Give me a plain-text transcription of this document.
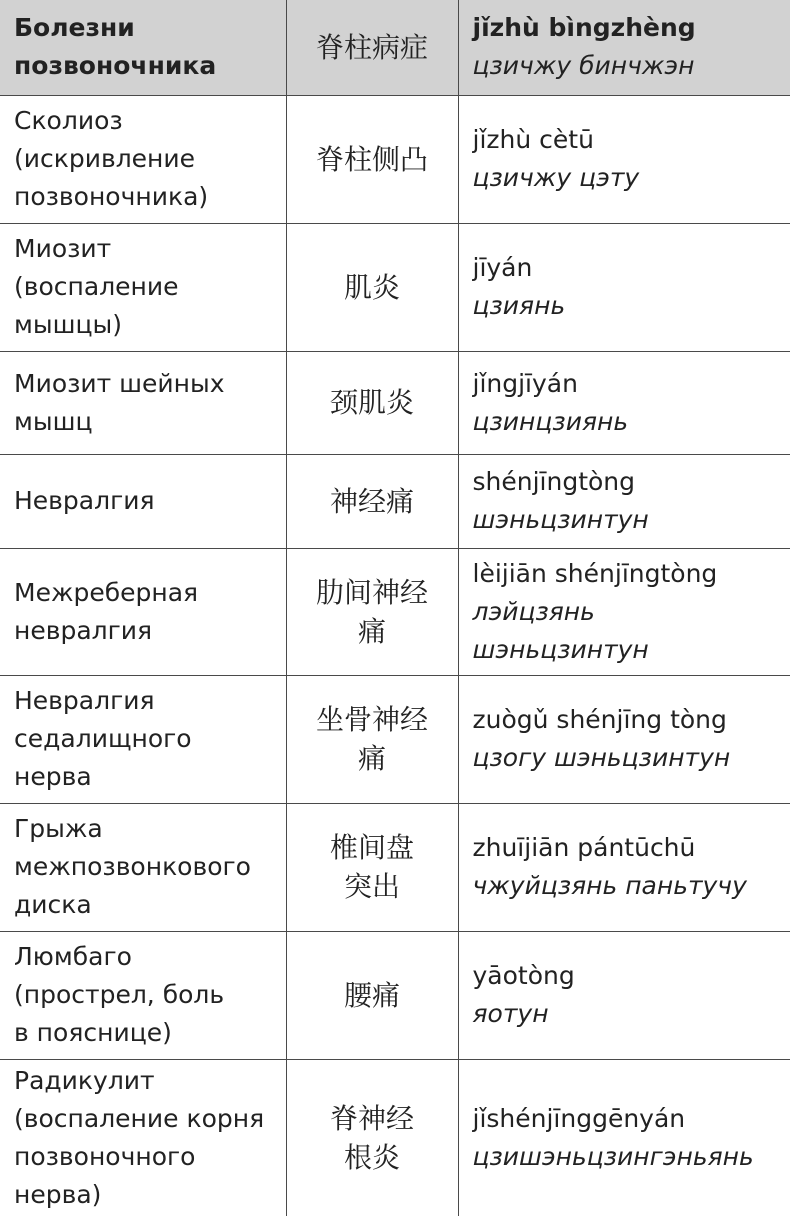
Болезни
позвоночника	脊柱病症	jǐzhù bìngzhèng
цзичжу бинчжэн

Сколиоз
(искривление
позвоночника)	脊柱侧凸	jǐzhù cètū
цзичжу цэту

Миозит
(воспаление
мышцы)	肌炎	jīyán
цзиянь

Миозит шейных
мышц	颈肌炎	jǐngjīyán
цзинцзиянь

Невралгия	神经痛	shénjīngtòng
шэньцзинтун

Межреберная
невралгия	肋间神经
痛	lèijiān shénjīngtòng
лэйцзянь
шэньцзинтун

Невралгия
седалищного
нерва	坐骨神经
痛	zuògǔ shénjīng tòng
цзогу шэньцзинтун

Грыжа
межпозвонкового
диска	椎间盘
突出	zhuījiān pántūchū
чжуйцзянь паньтучу

Люмбаго
(прострел, боль
в пояснице)	腰痛	yāotòng
яотун

Радикулит
(воспаление корня
позвоночного
нерва)	脊神经
根炎	jǐshénjīnggēnyán
цзишэньцзингэньянь
